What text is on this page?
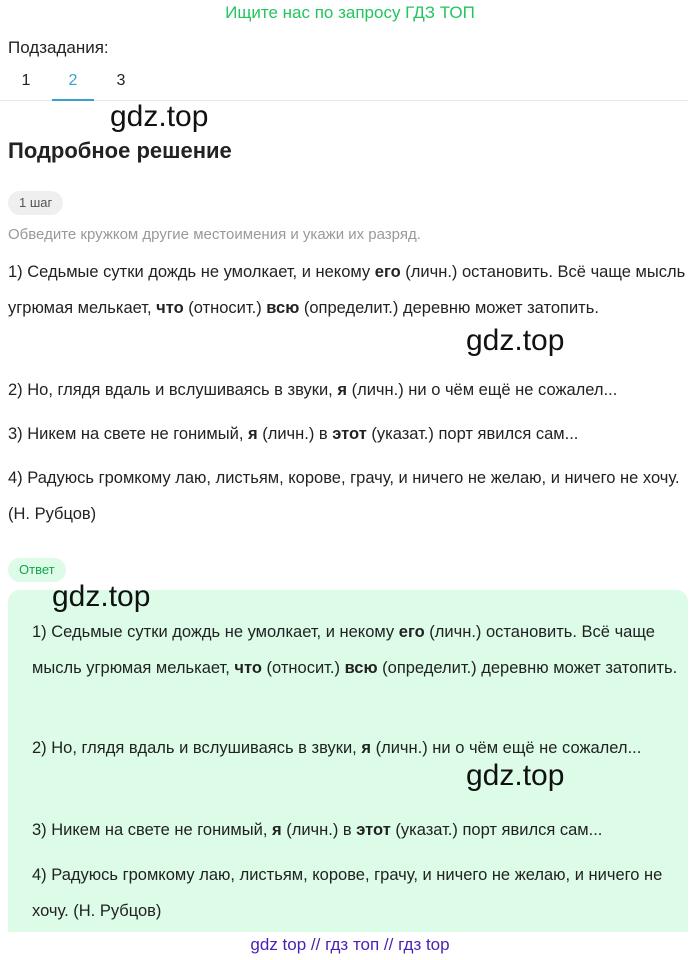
Ищите нас по запросу ГДЗ ТОП
Подзадания:
1	2	3
gdz.top
Подробное решение
1 шаг
Обведите кружком другие местоимения и укажи их разряд.
1) Седьмые сутки дождь не умолкает, и некому его (личн.) остановить. Всё чаще мысль угрюмая мелькает, что (относит.) всю (определит.) деревню может затопить.
2) Но, глядя вдаль и вслушиваясь в звуки, я (личн.) ни о чём ещё не сожалел...
3) Никем на свете не гонимый, я (личн.) в этот (указат.) порт явился сам...
4) Радуюсь громкому лаю, листьям, корове, грачу, и ничего не желаю, и ничего не хочу. (Н. Рубцов)
gdz.top
Ответ
1) Седьмые сутки дождь не умолкает, и некому его (личн.) остановить. Всё чаще мысль угрюмая мелькает, что (относит.) всю (определит.) деревню может затопить.
2) Но, глядя вдаль и вслушиваясь в звуки, я (личн.) ни о чём ещё не сожалел...
3) Никем на свете не гонимый, я (личн.) в этот (указат.) порт явился сам...
4) Радуюсь громкому лаю, листьям, корове, грачу, и ничего не желаю, и ничего не хочу. (Н. Рубцов)
gdz.top
gdz.top
gdz top // гдз топ // гдз top
